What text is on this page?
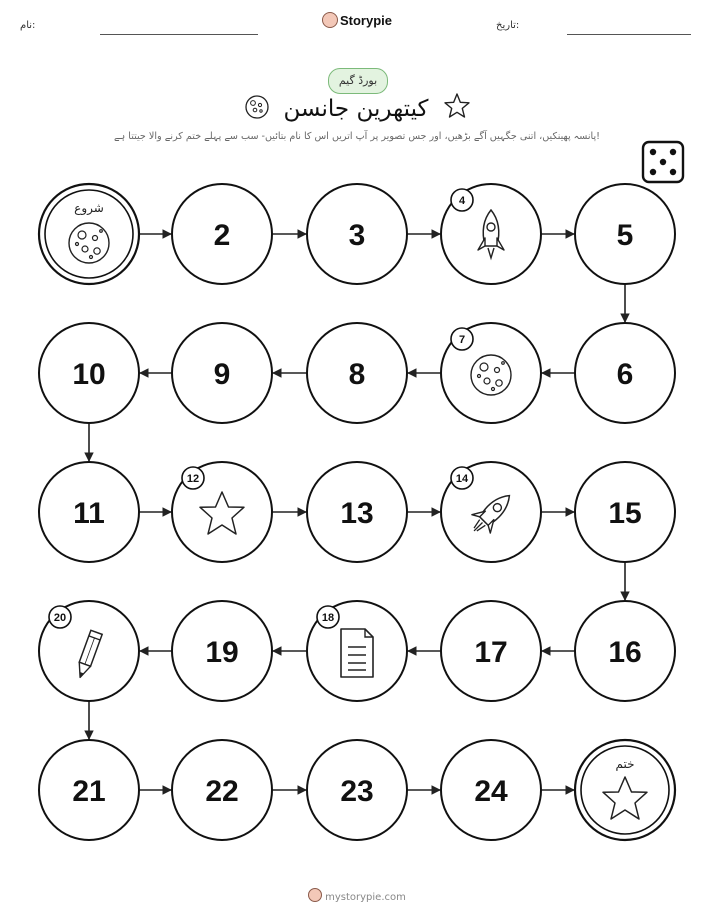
نام:	Storypie	تاریخ:
بورڈ گیم
کیتھرین جانسن
پانسہ پھینکیں، اتنی جگہیں آگے بڑھیں، اور جس تصویر پر آپ اتریں اس کا نام بتائیں- سب سے پہلے ختم کرنے والا جیتتا ہے!
شروع
2	3
4
5
6
7
8
9
10
11
12
13
14
15
16
17
18
19
20
21	22	23	24
ختم
mystorypie.com
